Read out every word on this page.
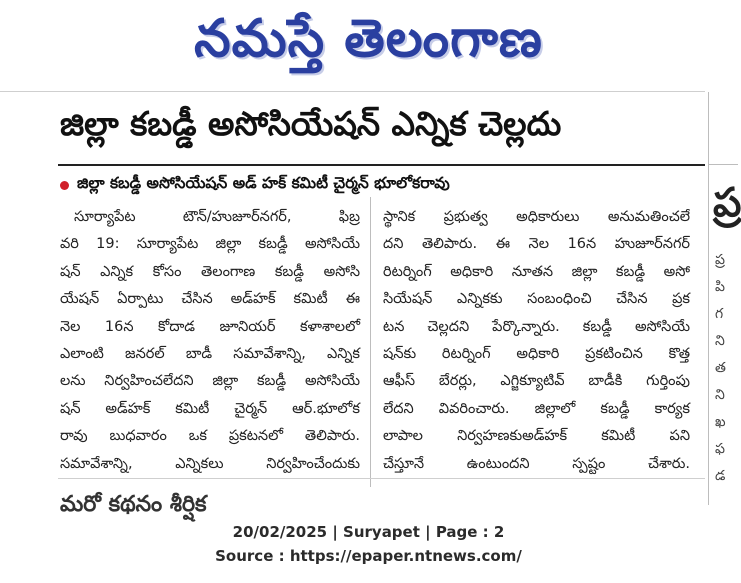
నమస్తే తెలంగాణ
జిల్లా కబడ్డీ అసోసియేషన్ ఎన్నిక చెల్లదు
జిల్లా కబడ్డీ అసోసియేషన్ అడ్ హక్ కమిటీ చైర్మన్ భూలోకరావు
సూర్యాపేట టౌన్/హుజూర్‌నగర్, ఫిబ్ర
వరి 19: సూర్యాపేట జిల్లా కబడ్డీ అసోసియే
షన్ ఎన్నిక కోసం తెలంగాణ కబడ్డీ అసోసి
యేషన్ ఏర్పాటు చేసిన అడ్‌హక్ కమిటీ ఈ
నెల 16న కోదాడ జూనియర్ కళాశాలలో
ఎలాంటి జనరల్ బాడీ సమావేశాన్ని, ఎన్నిక
లను నిర్వహించలేదని జిల్లా కబడ్డీ అసోసియే
షన్ అడ్‌హక్ కమిటీ చైర్మన్ ఆర్.భూలోక
రావు బుధవారం ఒక ప్రకటనలో తెలిపారు.
సమావేశాన్ని, ఎన్నికలు నిర్వహించేందుకు
స్థానిక ప్రభుత్వ అధికారులు అనుమతించలే
దని తెలిపారు. ఈ నెల 16న హుజూర్‌నగర్
రిటర్నింగ్ అధికారి నూతన జిల్లా కబడ్డీ అసో
సియేషన్ ఎన్నికకు సంబంధించి చేసిన ప్రక
టన చెల్లదని పేర్కొన్నారు. కబడ్డీ అసోసియే
షన్‌కు రిటర్నింగ్ అధికారి ప్రకటించిన కొత్త
ఆఫీస్ బేరర్లు, ఎగ్జిక్యూటివ్ బాడీకి గుర్తింపు
లేదని వివరించారు. జిల్లాలో కబడ్డీ కార్యక
లాపాల నిర్వహణకుఅడ్‌హక్ కమిటీ పని
చేస్తూనే ఉంటుందని స్పష్టం చేశారు.
మరో కథనం శీర్షిక
ప్ర
ప్ర
పి
గ
ని
త
ని
ఖ
ఫ
డ
20/02/2025 | Suryapet | Page : 2
Source : https://epaper.ntnews.com/
